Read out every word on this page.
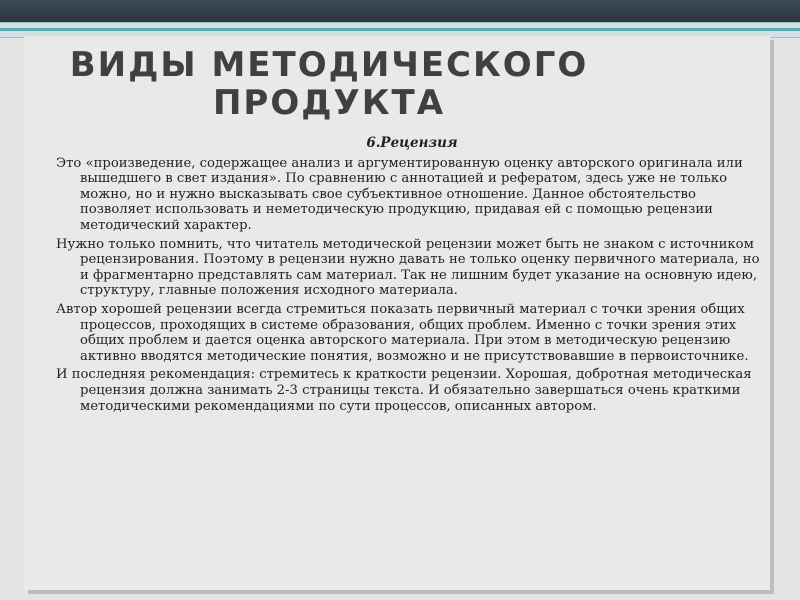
ВИДЫ МЕТОДИЧЕСКОГО
ПРОДУКТА

6.Рецензия

Это «произведение, содержащее анализ и аргументированную оценку авторского оригинала или вышедшего в свет издания». По сравнению с аннотацией и рефератом, здесь уже не только можно, но и нужно высказывать свое субъективное отношение. Данное обстоятельство позволяет использовать и неметодическую продукцию, придавая ей с помощью рецензии методический характер.

Нужно только помнить, что читатель методической рецензии может быть не знаком с источником рецензирования. Поэтому в рецензии нужно давать не только оценку первичного материала, но и фрагментарно представлять сам материал. Так не лишним будет указание на основную идею, структуру, главные положения исходного материала.

Автор хорошей рецензии всегда стремиться показать первичный материал с точки зрения общих процессов, проходящих в системе образования, общих проблем. Именно с точки зрения этих общих проблем и дается оценка авторского материала. При этом в методическую рецензию активно вводятся методические понятия, возможно и не присутствовавшие в первоисточнике.

И последняя рекомендация: стремитесь к краткости рецензии. Хорошая, добротная методическая рецензия должна занимать 2-3 страницы текста. И обязательно завершаться очень краткими методическими рекомендациями по сути процессов, описанных автором.
